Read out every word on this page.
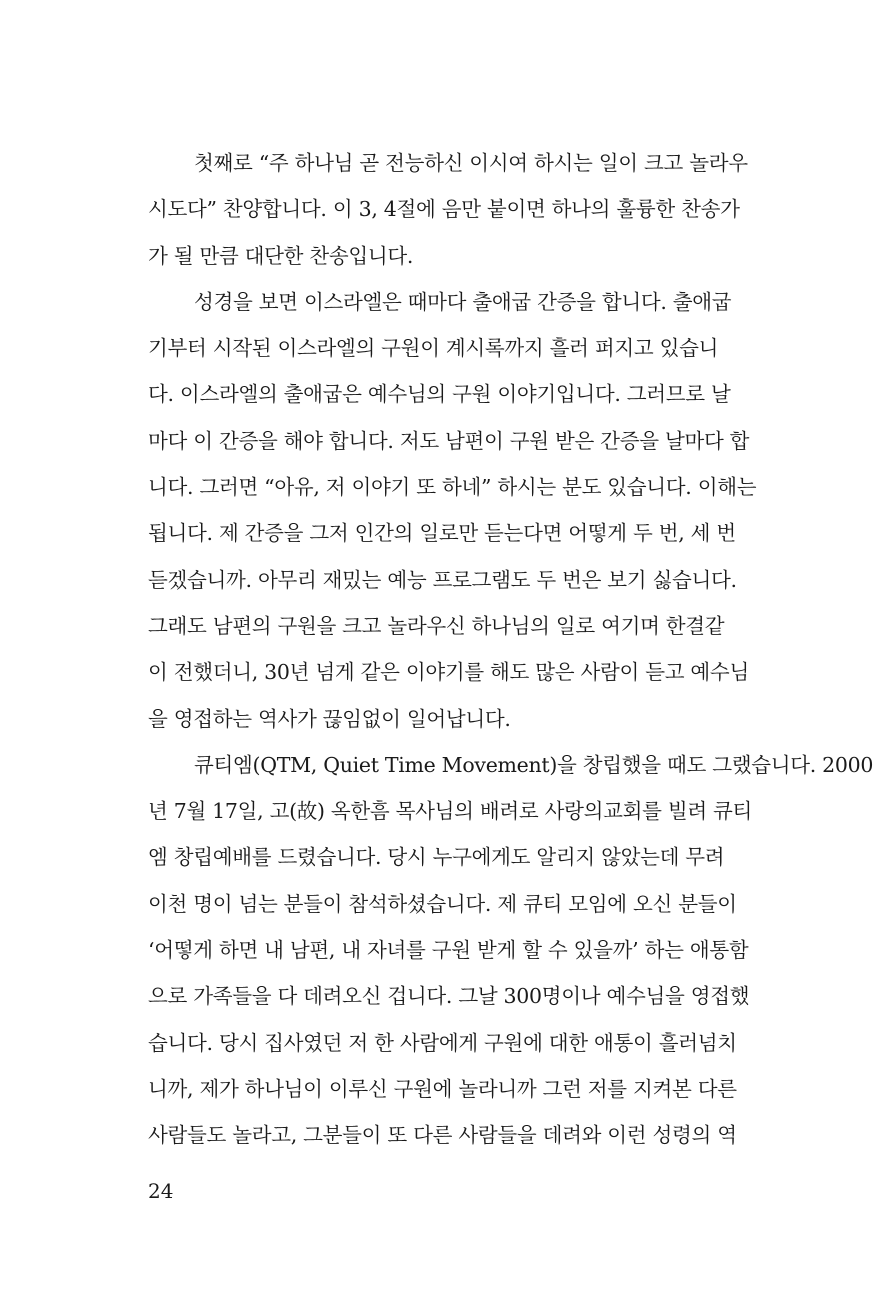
첫째로 “주 하나님 곧 전능하신 이시여 하시는 일이 크고 놀라우
시도다” 찬양합니다. 이 3, 4절에 음만 붙이면 하나의 훌륭한 찬송가
가 될 만큼 대단한 찬송입니다.
성경을 보면 이스라엘은 때마다 출애굽 간증을 합니다. 출애굽
기부터 시작된 이스라엘의 구원이 계시록까지 흘러 퍼지고 있습니
다. 이스라엘의 출애굽은 예수님의 구원 이야기입니다. 그러므로 날
마다 이 간증을 해야 합니다. 저도 남편이 구원 받은 간증을 날마다 합
니다. 그러면 “아유, 저 이야기 또 하네” 하시는 분도 있습니다. 이해는
됩니다. 제 간증을 그저 인간의 일로만 듣는다면 어떻게 두 번, 세 번
듣겠습니까. 아무리 재밌는 예능 프로그램도 두 번은 보기 싫습니다.
그래도 남편의 구원을 크고 놀라우신 하나님의 일로 여기며 한결같
이 전했더니, 30년 넘게 같은 이야기를 해도 많은 사람이 듣고 예수님
을 영접하는 역사가 끊임없이 일어납니다.
큐티엠(QTM, Quiet Time Movement)을 창립했을 때도 그랬습니다. 2000
년 7월 17일, 고(故) 옥한흠 목사님의 배려로 사랑의교회를 빌려 큐티
엠 창립예배를 드렸습니다. 당시 누구에게도 알리지 않았는데 무려
이천 명이 넘는 분들이 참석하셨습니다. 제 큐티 모임에 오신 분들이
‘어떻게 하면 내 남편, 내 자녀를 구원 받게 할 수 있을까’ 하는 애통함
으로 가족들을 다 데려오신 겁니다. 그날 300명이나 예수님을 영접했
습니다. 당시 집사였던 저 한 사람에게 구원에 대한 애통이 흘러넘치
니까, 제가 하나님이 이루신 구원에 놀라니까 그런 저를 지켜본 다른
사람들도 놀라고, 그분들이 또 다른 사람들을 데려와 이런 성령의 역
24
